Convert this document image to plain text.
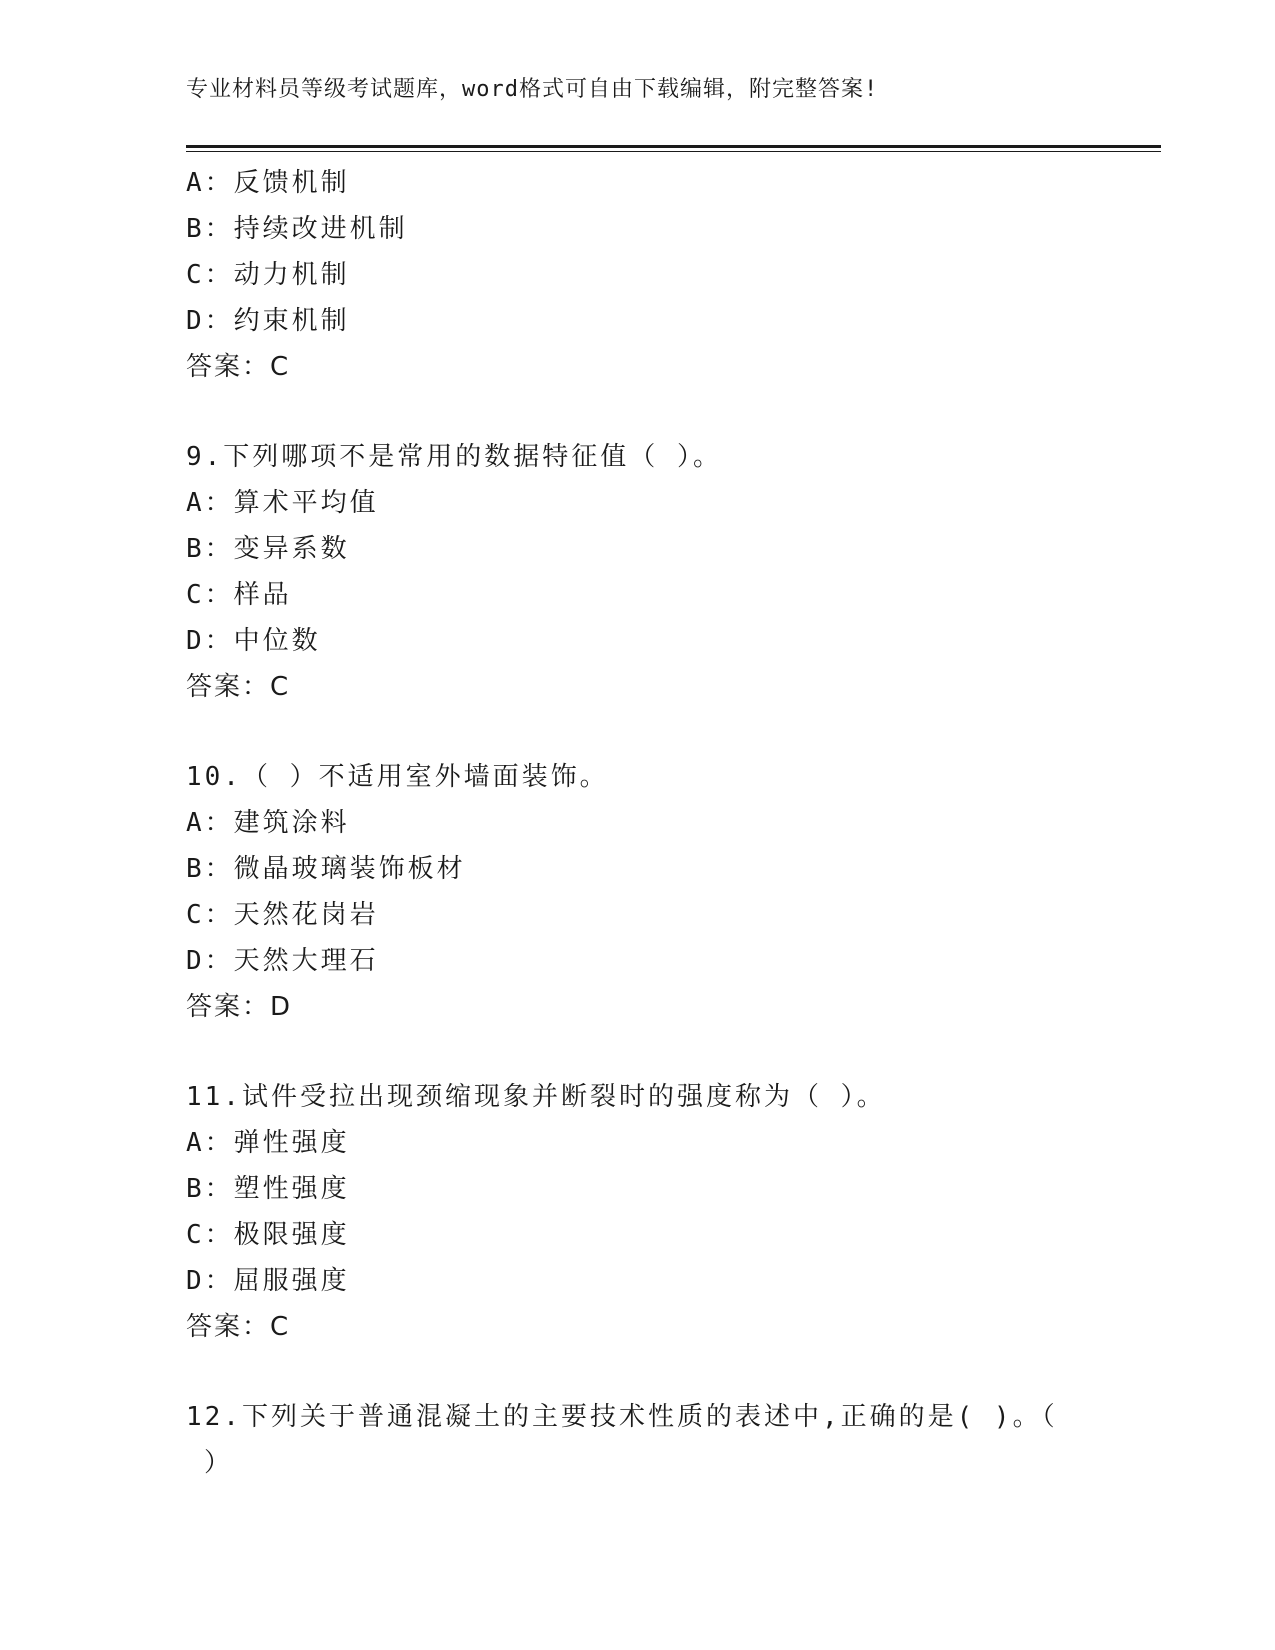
专业材料员等级考试题库，word格式可自由下载编辑，附完整答案!
A：反馈机制
B：持续改进机制
C：动力机制
D：约束机制
答案：C
9.下列哪项不是常用的数据特征值（ ）。
A：算术平均值
B：变异系数
C：样品
D：中位数
答案：C
10.（ ）不适用室外墙面装饰。
A：建筑涂料
B：微晶玻璃装饰板材
C：天然花岗岩
D：天然大理石
答案：D
11.试件受拉出现颈缩现象并断裂时的强度称为（ ）。
A：弹性强度
B：塑性强度
C：极限强度
D：屈服强度
答案：C
12.下列关于普通混凝土的主要技术性质的表述中,正确的是( )。（
）
